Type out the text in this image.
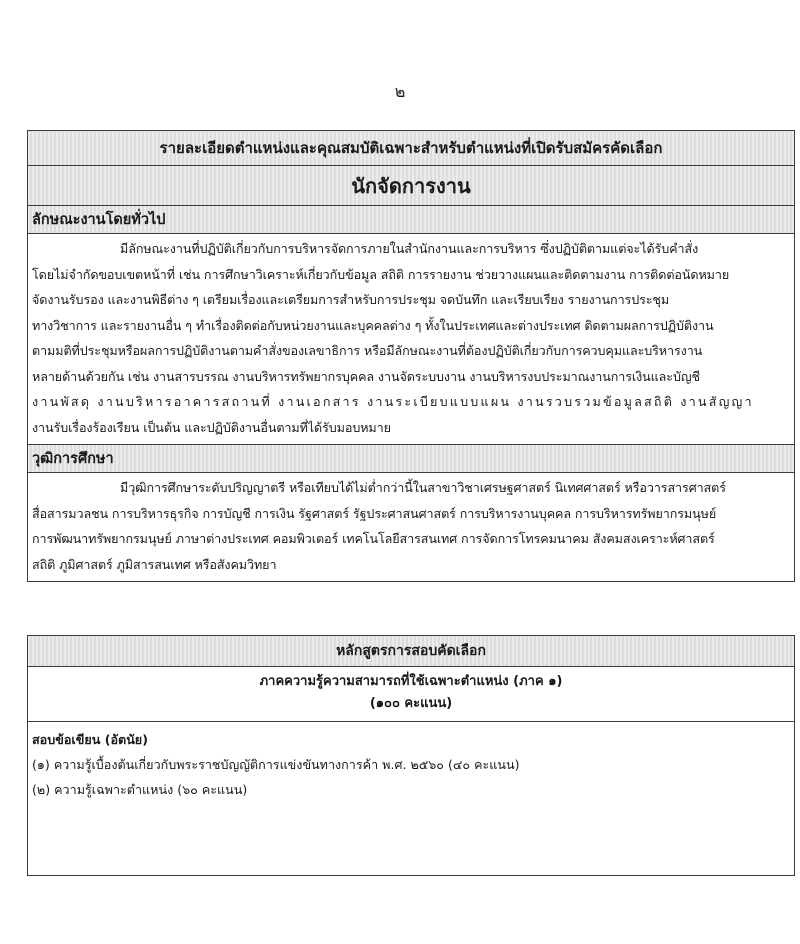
๒
รายละเอียดตำแหน่งและคุณสมบัติเฉพาะสำหรับตำแหน่งที่เปิดรับสมัครคัดเลือก
นักจัดการงาน
ลักษณะงานโดยทั่วไป
มีลักษณะงานที่ปฏิบัติเกี่ยวกับการบริหารจัดการภายในสำนักงานและการบริหาร ซึ่งปฏิบัติตามแต่จะได้รับคำสั่ง
โดยไม่จำกัดขอบเขตหน้าที่ เช่น การศึกษาวิเคราะห์เกี่ยวกับข้อมูล สถิติ การรายงาน ช่วยวางแผนและติดตามงาน การติดต่อนัดหมาย
จัดงานรับรอง และงานพิธีต่าง ๆ เตรียมเรื่องและเตรียมการสำหรับการประชุม จดบันทึก และเรียบเรียง รายงานการประชุม
ทางวิชาการ และรายงานอื่น ๆ ทำเรื่องติดต่อกับหน่วยงานและบุคคลต่าง ๆ ทั้งในประเทศและต่างประเทศ ติดตามผลการปฏิบัติงาน
ตามมติที่ประชุมหรือผลการปฏิบัติงานตามคำสั่งของเลขาธิการ หรือมีลักษณะงานที่ต้องปฏิบัติเกี่ยวกับการควบคุมและบริหารงาน
หลายด้านด้วยกัน เช่น งานสารบรรณ งานบริหารทรัพยากรบุคคล งานจัดระบบงาน งานบริหารงบประมาณงานการเงินและบัญชี
งานพัสดุ งานบริหารอาคารสถานที่ งานเอกสาร งานระเบียบแบบแผน งานรวบรวมข้อมูลสถิติ งานสัญญา
งานรับเรื่องร้องเรียน เป็นต้น และปฏิบัติงานอื่นตามที่ได้รับมอบหมาย
วุฒิการศึกษา
มีวุฒิการศึกษาระดับปริญญาตรี หรือเทียบได้ไม่ต่ำกว่านี้ในสาขาวิชาเศรษฐศาสตร์ นิเทศศาสตร์ หรือวารสารศาสตร์
สื่อสารมวลชน การบริหารธุรกิจ การบัญชี การเงิน รัฐศาสตร์ รัฐประศาสนศาสตร์ การบริหารงานบุคคล การบริหารทรัพยากรมนุษย์
การพัฒนาทรัพยากรมนุษย์ ภาษาต่างประเทศ คอมพิวเตอร์ เทคโนโลยีสารสนเทศ การจัดการโทรคมนาคม สังคมสงเคราะห์ศาสตร์
สถิติ ภูมิศาสตร์ ภูมิสารสนเทศ หรือสังคมวิทยา
หลักสูตรการสอบคัดเลือก
ภาคความรู้ความสามารถที่ใช้เฉพาะตำแหน่ง (ภาค ๑)
(๑๐๐ คะแนน)
สอบข้อเขียน (อัตนัย)
(๑) ความรู้เบื้องต้นเกี่ยวกับพระราชบัญญัติการแข่งขันทางการค้า พ.ศ. ๒๕๖๐ (๔๐ คะแนน)
(๒) ความรู้เฉพาะตำแหน่ง (๖๐ คะแนน)
